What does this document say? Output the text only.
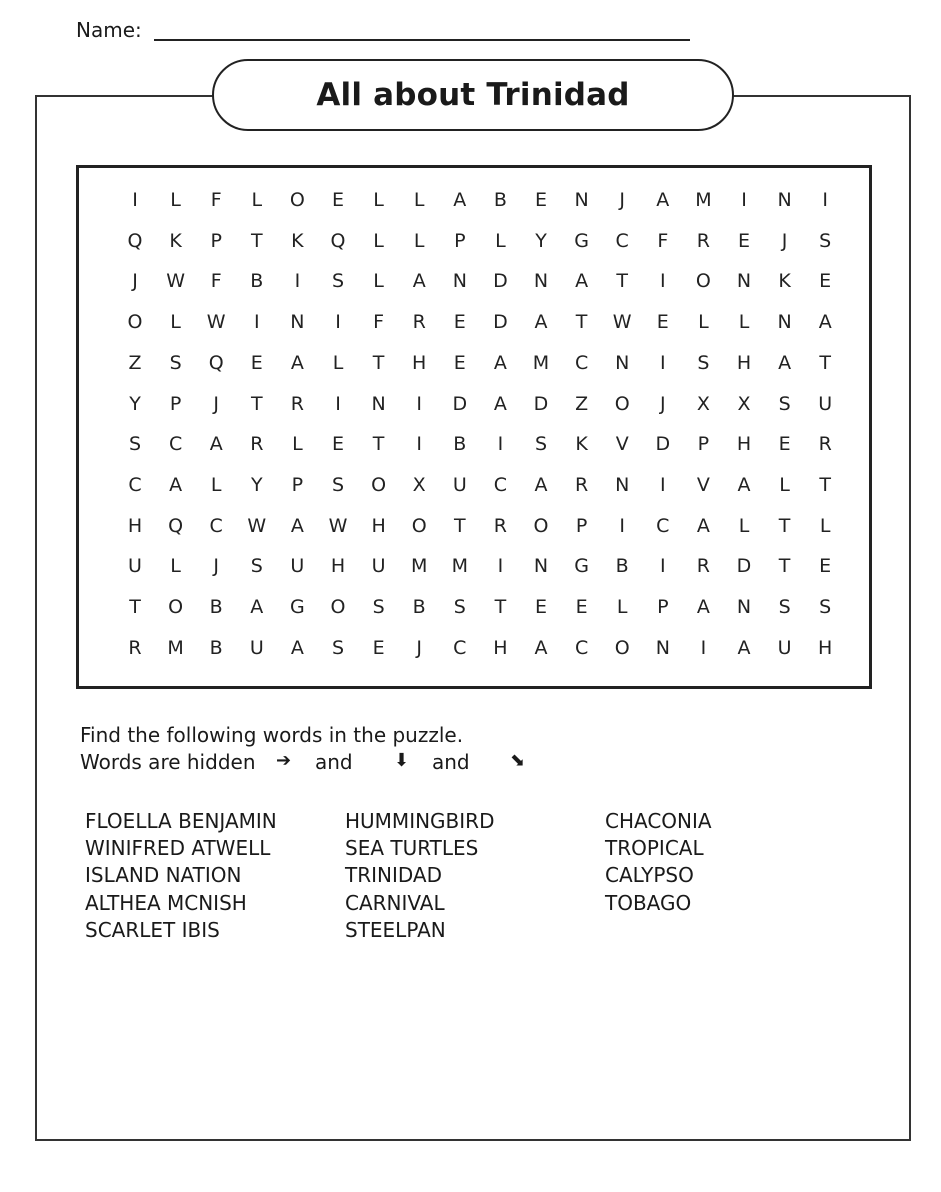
Name:
All about Trinidad
I	L	F	L	O	E	L	L	A	B	E	N	J	A	M	I	N	I
Q	K	P	T	K	Q	L	L	P	L	Y	G	C	F	R	E	J	S
J	W	F	B	I	S	L	A	N	D	N	A	T	I	O	N	K	E
O	L	W	I	N	I	F	R	E	D	A	T	W	E	L	L	N	A
Z	S	Q	E	A	L	T	H	E	A	M	C	N	I	S	H	A	T
Y	P	J	T	R	I	N	I	D	A	D	Z	O	J	X	X	S	U
S	C	A	R	L	E	T	I	B	I	S	K	V	D	P	H	E	R
C	A	L	Y	P	S	O	X	U	C	A	R	N	I	V	A	L	T
H	Q	C	W	A	W	H	O	T	R	O	P	I	C	A	L	T	L
U	L	J	S	U	H	U	M	M	I	N	G	B	I	R	D	T	E
T	O	B	A	G	O	S	B	S	T	E	E	L	P	A	N	S	S
R	M	B	U	A	S	E	J	C	H	A	C	O	N	I	A	U	H
Find the following words in the puzzle.
Words are hidden ➔ and ⬇ and ⬊
FLOELLA BENJAMIN
WINIFRED ATWELL
ISLAND NATION
ALTHEA MCNISH
SCARLET IBIS
HUMMINGBIRD
SEA TURTLES
TRINIDAD
CARNIVAL
STEELPAN
CHACONIA
TROPICAL
CALYPSO
TOBAGO
